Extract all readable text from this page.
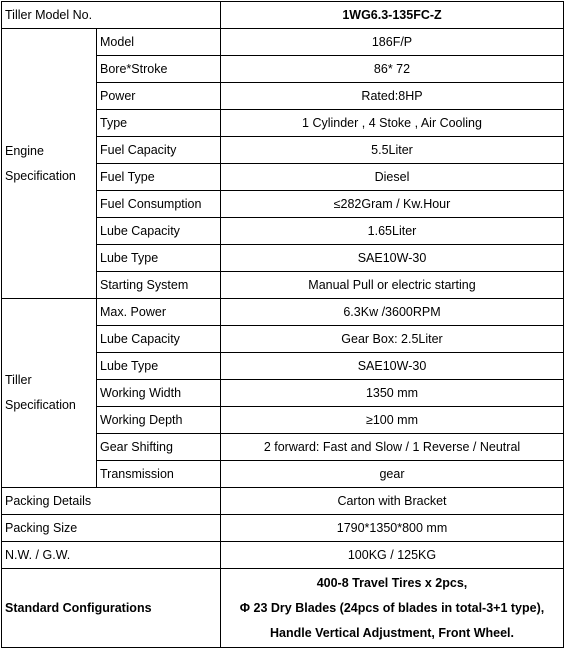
Tiller Model No.		1WG6.3-135FC-Z

Engine
Specification	Model	186F/P
	Bore*Stroke	86* 72
	Power	Rated:8HP
	Type	1 Cylinder , 4 Stoke , Air Cooling
	Fuel Capacity	5.5Liter
	Fuel Type	Diesel
	Fuel Consumption	≤282Gram / Kw.Hour
	Lube Capacity	1.65Liter
	Lube Type	SAE10W-30
	Starting System	Manual Pull or electric starting

Tiller
Specification	Max. Power	6.3Kw /3600RPM
	Lube Capacity	Gear Box: 2.5Liter
	Lube Type	SAE10W-30
	Working Width	1350 mm
	Working Depth	≥100 mm
	Gear Shifting	2 forward: Fast and Slow / 1 Reverse / Neutral
	Transmission	gear
Packing Details		Carton with Bracket
Packing Size		1790*1350*800 mm
N.W. / G.W.		100KG / 125KG
Standard Configurations		400-8 Travel Tires x 2pcs,
Φ 23 Dry Blades (24pcs of blades in total-3+1 type),
Handle Vertical Adjustment, Front Wheel.
